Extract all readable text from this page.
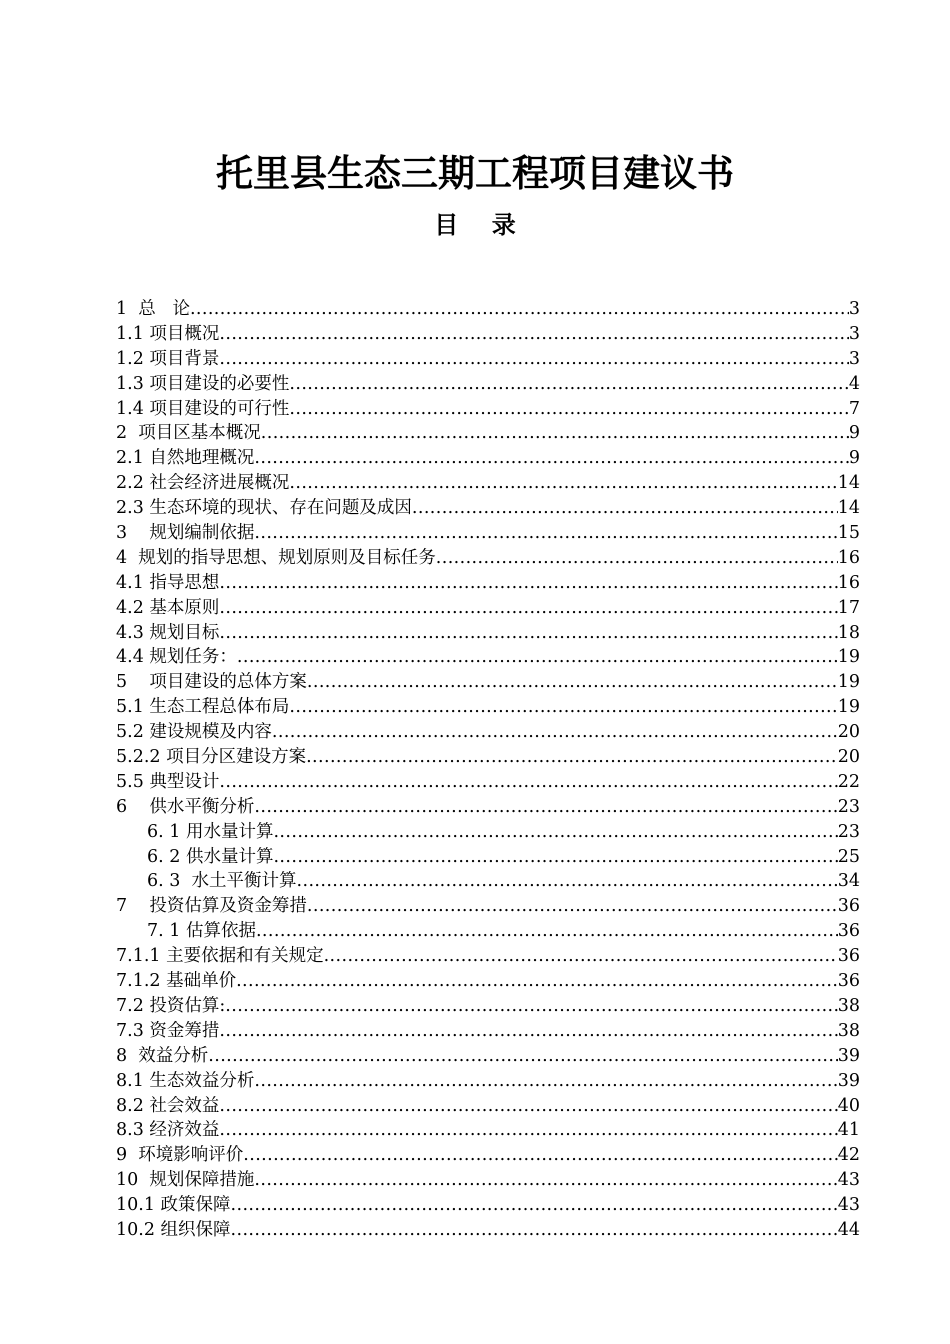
托里县生态三期工程项目建议书
目    录
1  总   论 .....	3
1.1 项目概况 .....	3
1.2 项目背景 .....	3
1.3 项目建设的必要性 .....	4
1.4 项目建设的可行性 .....	7
2  项目区基本概况 .....	9
2.1 自然地理概况 .....	9
2.2 社会经济进展概况 .....	14
2.3 生态环境的现状、存在问题及成因 .....	14
3    规划编制依据 .....	15
4  规划的指导思想、规划原则及目标任务 .....	16
4.1 指导思想 .....	16
4.2 基本原则 .....	17
4.3 规划目标 .....	18
4.4 规划任务： .....	19
5    项目建设的总体方案 .....	19
5.1 生态工程总体布局 .....	19
5.2 建设规模及内容 .....	20
5.2.2 项目分区建设方案 .....	20
5.5 典型设计 .....	22
6    供水平衡分析 .....	23
6. 1 用水量计算 .....	23
6. 2 供水量计算 .....	25
6. 3  水土平衡计算 .....	34
7    投资估算及资金筹措 .....	36
7. 1 估算依据 .....	36
7.1.1 主要依据和有关规定 .....	36
7.1.2 基础单价 .....	36
7.2 投资估算: .....	38
7.3 资金筹措 .....	38
8  效益分析 .....	39
8.1 生态效益分析 .....	39
8.2 社会效益 .....	40
8.3 经济效益 .....	41
9  环境影响评价 .....	42
10  规划保障措施 .....	43
10.1 政策保障 .....	43
10.2 组织保障 .....	44
